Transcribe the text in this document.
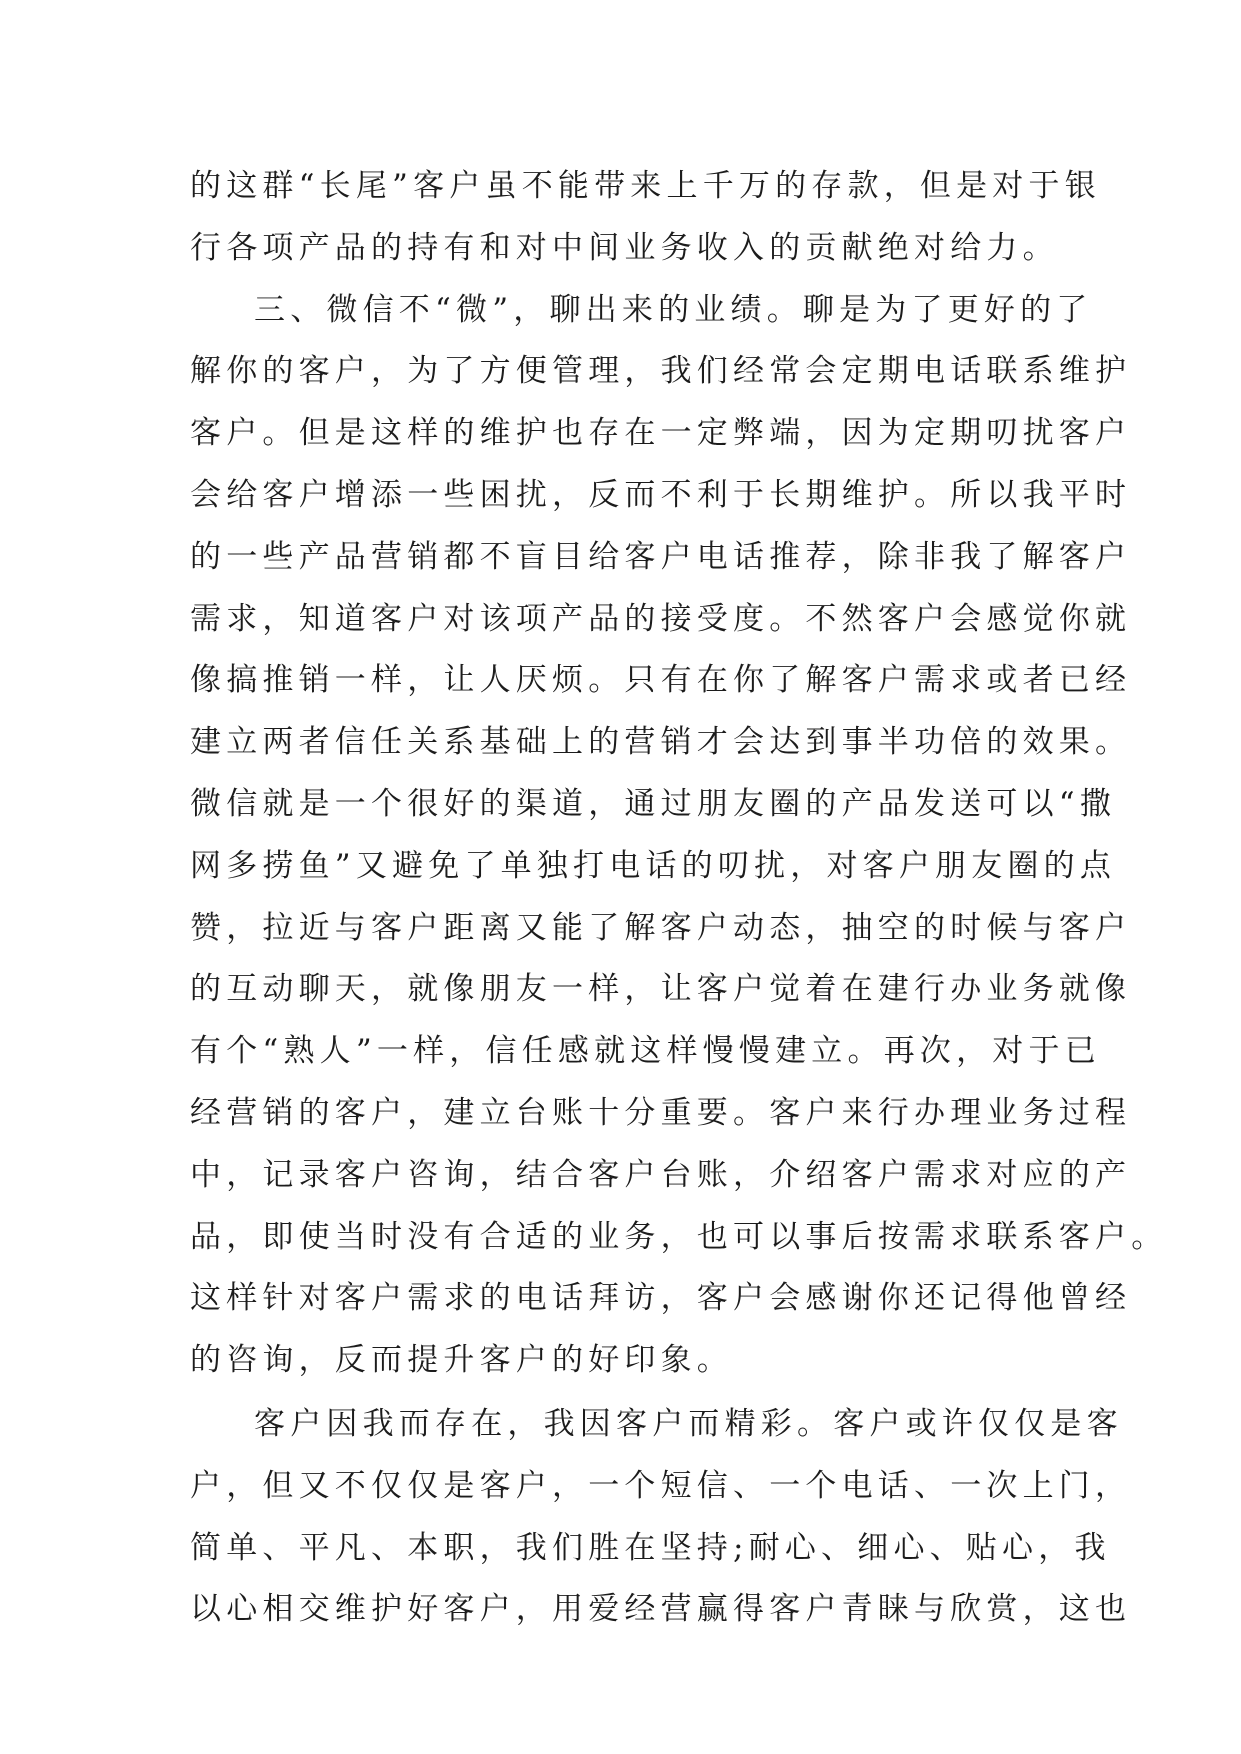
的这群“长尾”客户虽不能带来上千万的存款，但是对于银
行各项产品的持有和对中间业务收入的贡献绝对给力。
三、微信不“微”，聊出来的业绩。聊是为了更好的了
解你的客户，为了方便管理，我们经常会定期电话联系维护
客户。但是这样的维护也存在一定弊端，因为定期叨扰客户
会给客户增添一些困扰，反而不利于长期维护。所以我平时
的一些产品营销都不盲目给客户电话推荐，除非我了解客户
需求，知道客户对该项产品的接受度。不然客户会感觉你就
像搞推销一样，让人厌烦。只有在你了解客户需求或者已经
建立两者信任关系基础上的营销才会达到事半功倍的效果。
微信就是一个很好的渠道，通过朋友圈的产品发送可以“撒
网多捞鱼”又避免了单独打电话的叨扰，对客户朋友圈的点
赞，拉近与客户距离又能了解客户动态，抽空的时候与客户
的互动聊天，就像朋友一样，让客户觉着在建行办业务就像
有个“熟人”一样，信任感就这样慢慢建立。再次，对于已
经营销的客户，建立台账十分重要。客户来行办理业务过程
中，记录客户咨询，结合客户台账，介绍客户需求对应的产
品，即使当时没有合适的业务，也可以事后按需求联系客户。
这样针对客户需求的电话拜访，客户会感谢你还记得他曾经
的咨询，反而提升客户的好印象。
客户因我而存在，我因客户而精彩。客户或许仅仅是客
户，但又不仅仅是客户，一个短信、一个电话、一次上门，
简单、平凡、本职，我们胜在坚持;耐心、细心、贴心，我
以心相交维护好客户，用爱经营赢得客户青睐与欣赏，这也
